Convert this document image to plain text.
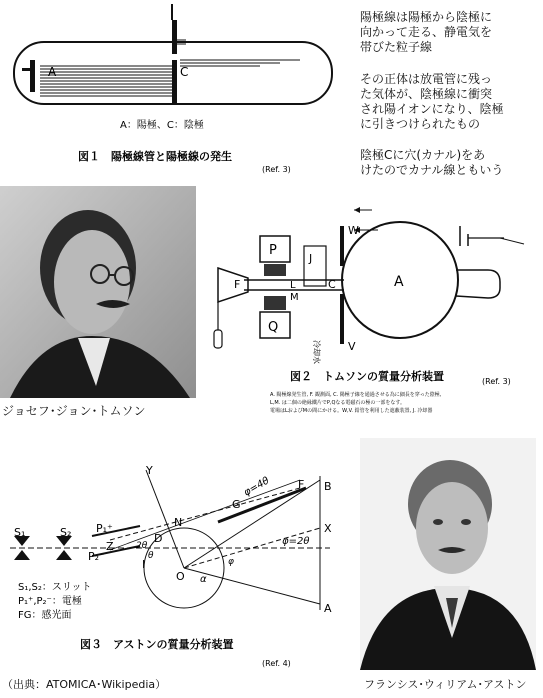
A	C
A：陽極、C：陰極
図１　陽極線管と陽極線の発生
(Ref. 3)
陽極線は陽極から陰極に
向かって走る、静電気を
帯びた粒子線
その正体は放電管に残っ
た気体が、陰極線に衝突
され陽イオンになり、陰極
に引きつけられたもの
陰極Cに穴(カナル)をあ
けたのでカナル線ともいう
ジョセフ･ジョン･トムソン
A
W
V
J
C
P
Q
L
M
F
冷却水
図２　トムソンの質量分析装置	(Ref. 3)
A. 陽極線発生管, F. 観測面, C. 陽極子線を通過させる為に細長を穿った陰極,
L,M. は二個の絶縁鐵片でP,Qなる電磁石の極の一部をなす。
電場はLおよびMの間にかける。W,V. 鉛管を利用した遮蔽装置, J. 冷却器
S₁	S₂ P₁⁺
P₂⁻
Y
G
F B
X
A
N
D
Z
O
I
φ=4θ
φ=2θ
2θ
θ
α
φ
S₁,S₂：スリット
P₁⁺,P₂⁻：電極
FG：感光面
図３　アストンの質量分析装置
(Ref. 4)
（出典：ATOMICA･Wikipedia）	フランシス･ウィリアム･アストン
